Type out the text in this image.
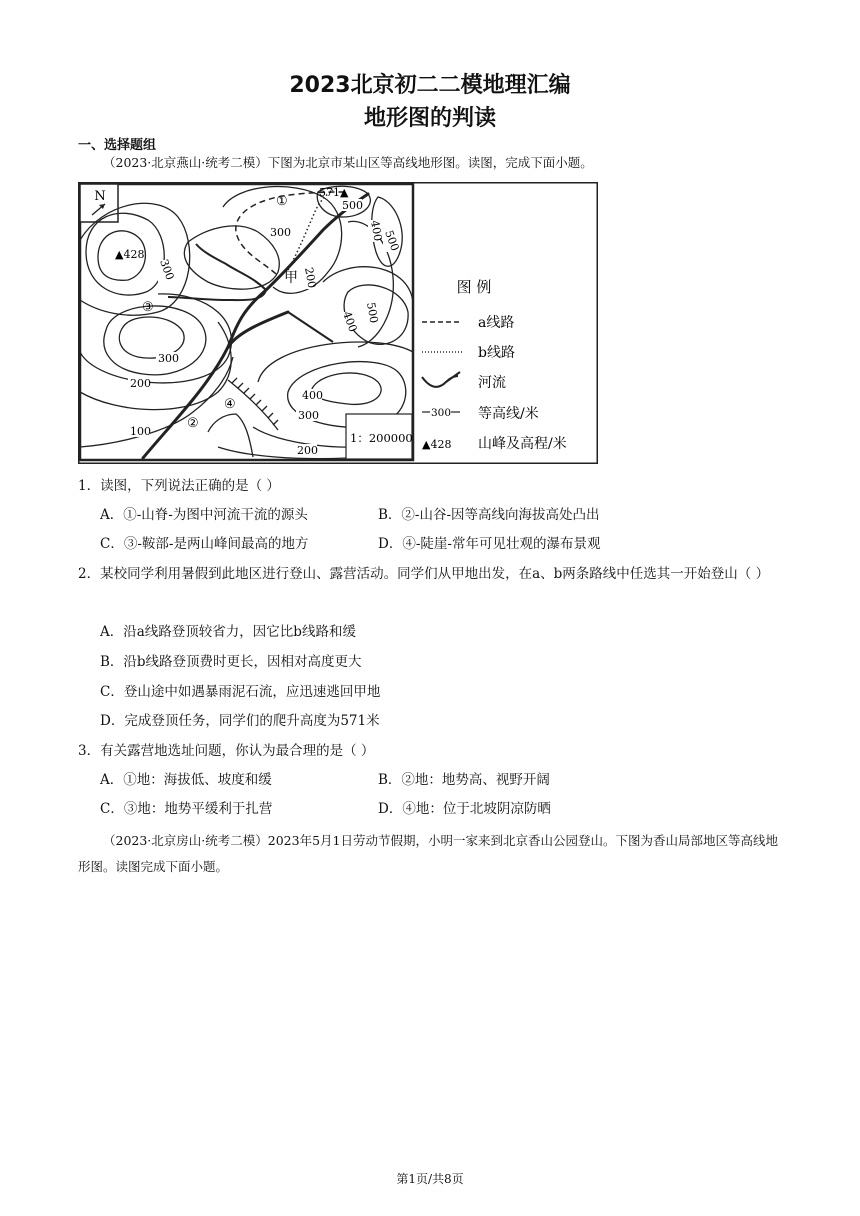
2023北京初二二模地理汇编
地形图的判读
一、选择题组
（2023·北京燕山·统考二模）下图为北京市某山区等高线地形图。读图，完成下面小题。
N
▲428
571▲
甲
①
②
③
④
500
300
300
500
400
200
300
400 500
400
300
200
100
200
1：200000
图 例
a线路
b线路
河流
300 等高线/米
▲428 山峰及高程/米
1．读图，下列说法正确的是（ ）
A．①-山脊-为图中河流干流的源头	B．②-山谷-因等高线向海拔高处凸出
C．③-鞍部-是两山峰间最高的地方	D．④-陡崖-常年可见壮观的瀑布景观
2．某校同学利用暑假到此地区进行登山、露营活动。同学们从甲地出发，在a、b两条路线中任选其一开始登山（ ）
A．沿a线路登顶较省力，因它比b线路和缓
B．沿b线路登顶费时更长，因相对高度更大
C．登山途中如遇暴雨泥石流，应迅速逃回甲地
D．完成登顶任务，同学们的爬升高度为571米
3．有关露营地选址问题，你认为最合理的是（ ）
A．①地：海拔低、坡度和缓	B．②地：地势高、视野开阔
C．③地：地势平缓利于扎营	D．④地：位于北坡阴凉防晒
（2023·北京房山·统考二模）2023年5月1日劳动节假期，小明一家来到北京香山公园登山。下图为香山局部地区等高线地形图。读图完成下面小题。
第1页/共8页
